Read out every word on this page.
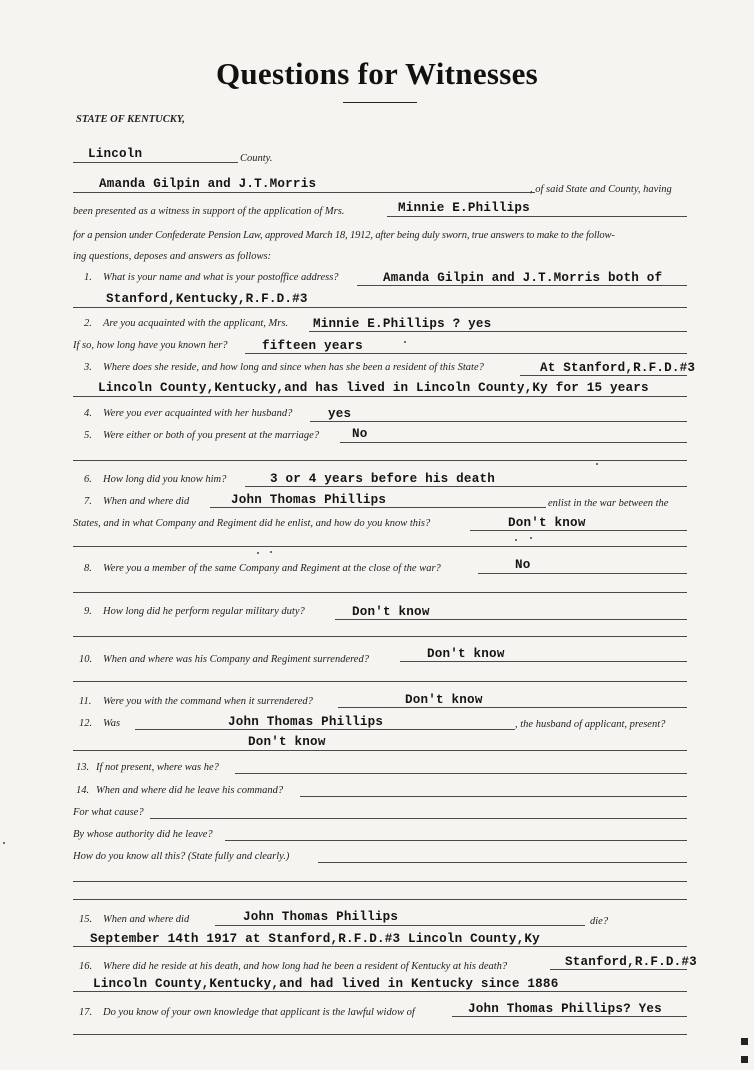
Questions for Witnesses
STATE OF KENTUCKY,
Lincoln	County.
Amanda Gilpin and J.T.Morris	, of said State and County, having
been presented as a witness in support of the application of Mrs.	Minnie E.Phillips
for a pension under Confederate Pension Law, approved March 18, 1912, after being duly sworn, true answers to make to the follow-
ing questions, deposes and answers as follows:
1. What is your name and what is your postoffice address?	Amanda Gilpin and J.T.Morris both of
Stanford,Kentucky,R.F.D.#3
2. Are you acquainted with the applicant, Mrs. Minnie E.Phillips ? yes
If so, how long have you known her?	fifteen years
3. Where does she reside, and how long and since when has she been a resident of this State?	At Stanford,R.F.D.#3
Lincoln County,Kentucky,and has lived in Lincoln County,Ky for 15 years
4. Were you ever acquainted with her husband?	yes
5. Were either or both of you present at the marriage?	No
6. How long did you know him?	3 or 4 years before his death
7. When and where did	John Thomas Phillips	enlist in the war between the
States, and in what Company and Regiment did he enlist, and how do you know this?	Don't know
8. Were you a member of the same Company and Regiment at the close of the war?	No
9. How long did he perform regular military duty?	Don't know
10. When and where was his Company and Regiment surrendered?	Don't know
11. Were you with the command when it surrendered?	Don't know
12. Was	John Thomas Phillips	, the husband of applicant, present?
Don't know
13. If not present, where was he?
14. When and where did he leave his command?
For what cause?
By whose authority did he leave?
How do you know all this? (State fully and clearly.)
15. When and where did	John Thomas Phillips	die?
September 14th 1917 at Stanford,R.F.D.#3 Lincoln County,Ky
16. Where did he reside at his death, and how long had he been a resident of Kentucky at his death?	Stanford,R.F.D.#3
Lincoln County,Kentucky,and had lived in Kentucky since 1886
17. Do you know of your own knowledge that applicant is the lawful widow of	John Thomas Phillips? Yes
